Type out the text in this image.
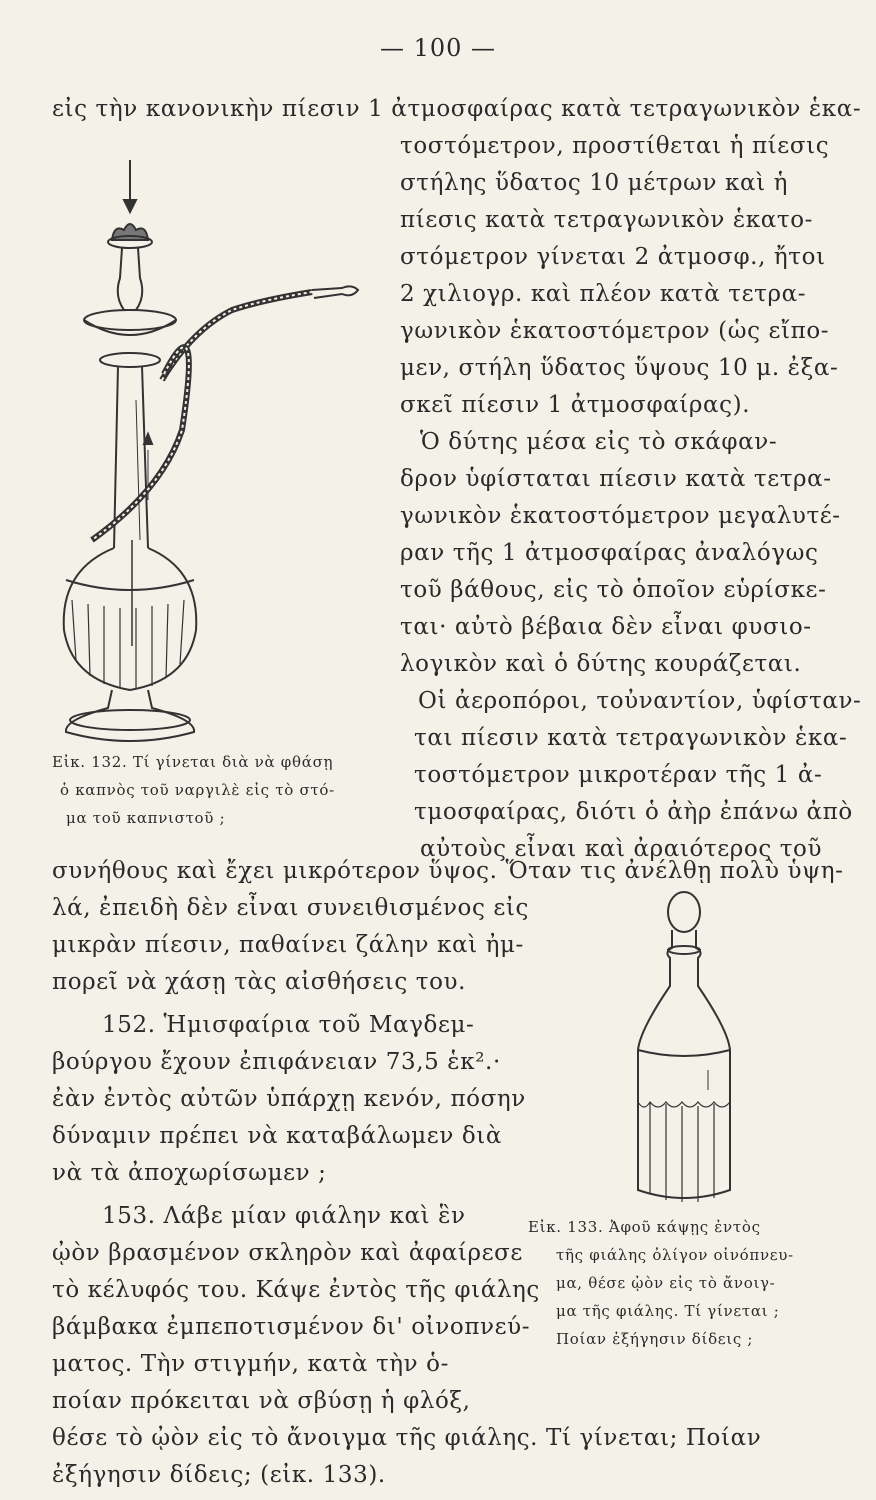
— 100 —
εἰς τὴν κανονικὴν πίεσιν 1 ἀτμοσφαίρας κατὰ τετραγωνικὸν ἑκα-
τοστόμετρον, προστίθεται ἡ πίεσις
στήλης ὕδατος 10 μέτρων καὶ ἡ
πίεσις κατὰ τετραγωνικὸν ἑκατο-
στόμετρον γίνεται 2 ἀτμοσφ., ἤτοι
2 χιλιογρ. καὶ πλέον κατὰ τετρα-
γωνικὸν ἑκατοστόμετρον (ὡς εἴπο-
μεν, στήλη ὕδατος ὕψους 10 μ. ἐξα-
σκεῖ πίεσιν 1 ἀτμοσφαίρας).
Ὁ δύτης μέσα εἰς τὸ σκάφαν-
δρον ὑφίσταται πίεσιν κατὰ τετρα-
γωνικὸν ἑκατοστόμετρον μεγαλυτέ-
ραν τῆς 1 ἀτμοσφαίρας ἀναλόγως
τοῦ βάθους, εἰς τὸ ὁποῖον εὑρίσκε-
ται· αὐτὸ βέβαια δὲν εἶναι φυσιο-
λογικὸν καὶ ὁ δύτης κουράζεται.
Οἱ ἀεροπόροι, τοὐναντίον, ὑφίσταν-
ται πίεσιν κατὰ τετραγωνικὸν ἑκα-
τοστόμετρον μικροτέραν τῆς 1 ἀ-
τμοσφαίρας, διότι ὁ ἀὴρ ἐπάνω ἀπὸ
αὐτοὺς εἶναι καὶ ἀραιότερος τοῦ
Εἰκ. 132. Τί γίνεται διὰ νὰ φθάσῃ
ὁ καπνὸς τοῦ ναργιλὲ εἰς τὸ στό-
μα τοῦ καπνιστοῦ ;
συνήθους καὶ ἔχει μικρότερον ὕψος. Ὅταν τις ἀνέλθῃ πολὺ ὑψη-
λά, ἐπειδὴ δὲν εἶναι συνειθισμένος εἰς
μικρὰν πίεσιν, παθαίνει ζάλην καὶ ἠμ-
πορεῖ νὰ χάσῃ τὰς αἰσθήσεις του.
152. Ἡμισφαίρια τοῦ Μαγδεμ-
βούργου ἔχουν ἐπιφάνειαν 73,5 ἑκ².·
ἐὰν ἐντὸς αὐτῶν ὑπάρχῃ κενόν, πόσην
δύναμιν πρέπει νὰ καταβάλωμεν διὰ
νὰ τὰ ἀποχωρίσωμεν ;
153. Λάβε μίαν φιάλην καὶ ἓν
ᾠὸν βρασμένον σκληρὸν καὶ ἀφαίρεσε
τὸ κέλυφός του. Κάψε ἐντὸς τῆς φιάλης
βάμβακα ἐμπεποτισμένον δι' οἰνοπνεύ-
ματος. Τὴν στιγμήν, κατὰ τὴν ὁ-
ποίαν πρόκειται νὰ σβύσῃ ἡ φλόξ,
Εἰκ. 133. Ἀφοῦ κάψῃς ἐντὸς
τῆς φιάλης ὀλίγον οἰνόπνευ-
μα, θέσε ᾠὸν εἰς τὸ ἄνοιγ-
μα τῆς φιάλης. Τί γίνεται ;
Ποίαν ἐξήγησιν δίδεις ;
θέσε τὸ ᾠὸν εἰς τὸ ἄνοιγμα τῆς φιάλης. Τί γίνεται; Ποίαν
ἐξήγησιν δίδεις; (εἰκ. 133).
